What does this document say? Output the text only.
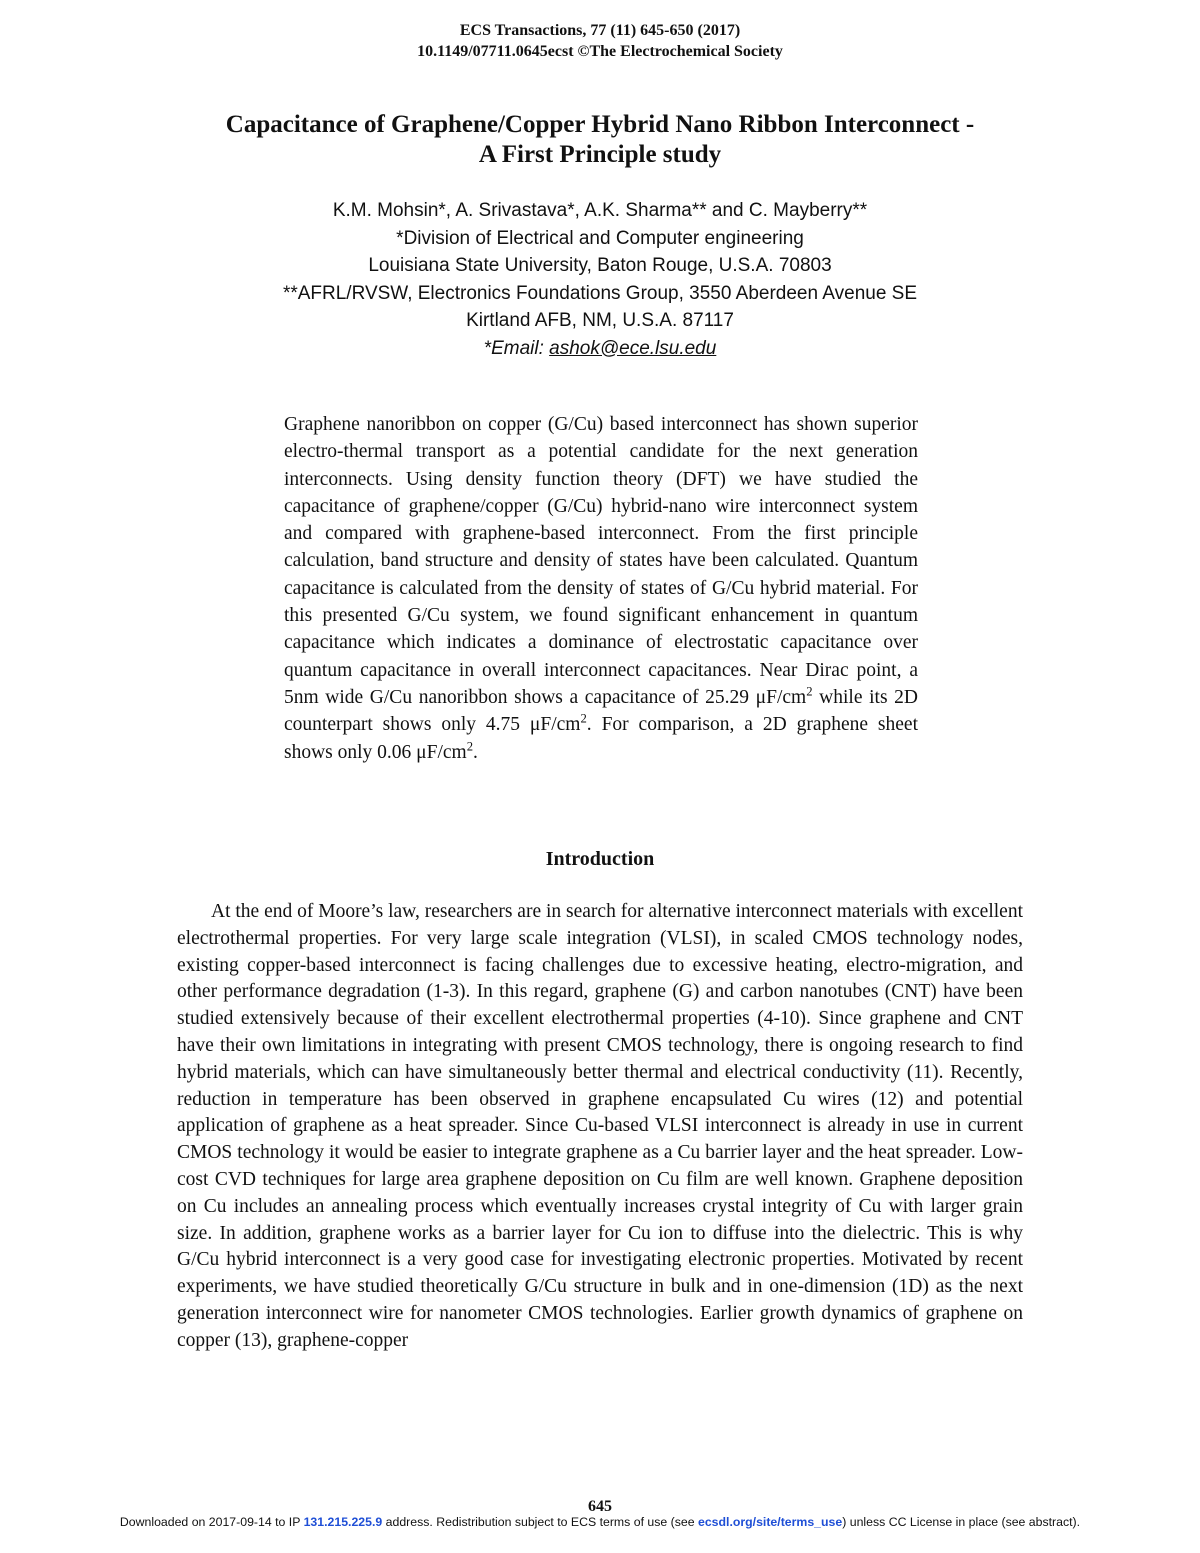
ECS Transactions, 77 (11) 645-650 (2017)
10.1149/07711.0645ecst ©The Electrochemical Society
Capacitance of Graphene/Copper Hybrid Nano Ribbon Interconnect -
A First Principle study
K.M. Mohsin*, A. Srivastava*, A.K. Sharma** and C. Mayberry**
*Division of Electrical and Computer engineering
Louisiana State University, Baton Rouge, U.S.A. 70803
**AFRL/RVSW, Electronics Foundations Group, 3550 Aberdeen Avenue SE
Kirtland AFB, NM, U.S.A. 87117
*Email: ashok@ece.lsu.edu
Graphene nanoribbon on copper (G/Cu) based interconnect has shown superior electro-thermal transport as a potential candidate for the next generation interconnects. Using density function theory (DFT) we have studied the capacitance of graphene/copper (G/Cu) hybrid-nano wire interconnect system and compared with graphene-based interconnect. From the first principle calculation, band structure and density of states have been calculated. Quantum capacitance is calculated from the density of states of G/Cu hybrid material. For this presented G/Cu system, we found significant enhancement in quantum capacitance which indicates a dominance of electrostatic capacitance over quantum capacitance in overall interconnect capacitances. Near Dirac point, a 5nm wide G/Cu nanoribbon shows a capacitance of 25.29 $\mu F/cm^2$ while its 2D counterpart shows only 4.75 $\mu F/cm^2$. For comparison, a 2D graphene sheet shows only 0.06 $\mu F/cm^2$.
Introduction
At the end of Moore’s law, researchers are in search for alternative interconnect materials with excellent electrothermal properties. For very large scale integration (VLSI), in scaled CMOS technology nodes, existing copper-based interconnect is facing challenges due to excessive heating, electro-migration, and other performance degradation (1-3). In this regard, graphene (G) and carbon nanotubes (CNT) have been studied extensively because of their excellent electrothermal properties (4-10). Since graphene and CNT have their own limitations in integrating with present CMOS technology, there is ongoing research to find hybrid materials, which can have simultaneously better thermal and electrical conductivity (11). Recently, reduction in temperature has been observed in graphene encapsulated Cu wires (12) and potential application of graphene as a heat spreader. Since Cu-based VLSI interconnect is already in use in current CMOS technology it would be easier to integrate graphene as a Cu barrier layer and the heat spreader. Low-cost CVD techniques for large area graphene deposition on Cu film are well known. Graphene deposition on Cu includes an annealing process which eventually increases crystal integrity of Cu with larger grain size. In addition, graphene works as a barrier layer for Cu ion to diffuse into the dielectric. This is why G/Cu hybrid interconnect is a very good case for investigating electronic properties. Motivated by recent experiments, we have studied theoretically G/Cu structure in bulk and in one-dimension (1D) as the next generation interconnect wire for nanometer CMOS technologies. Earlier growth dynamics of graphene on copper (13), graphene-copper
645
Downloaded on 2017-09-14 to IP 131.215.225.9 address. Redistribution subject to ECS terms of use (see ecsdl.org/site/terms_use) unless CC License in place (see abstract).
